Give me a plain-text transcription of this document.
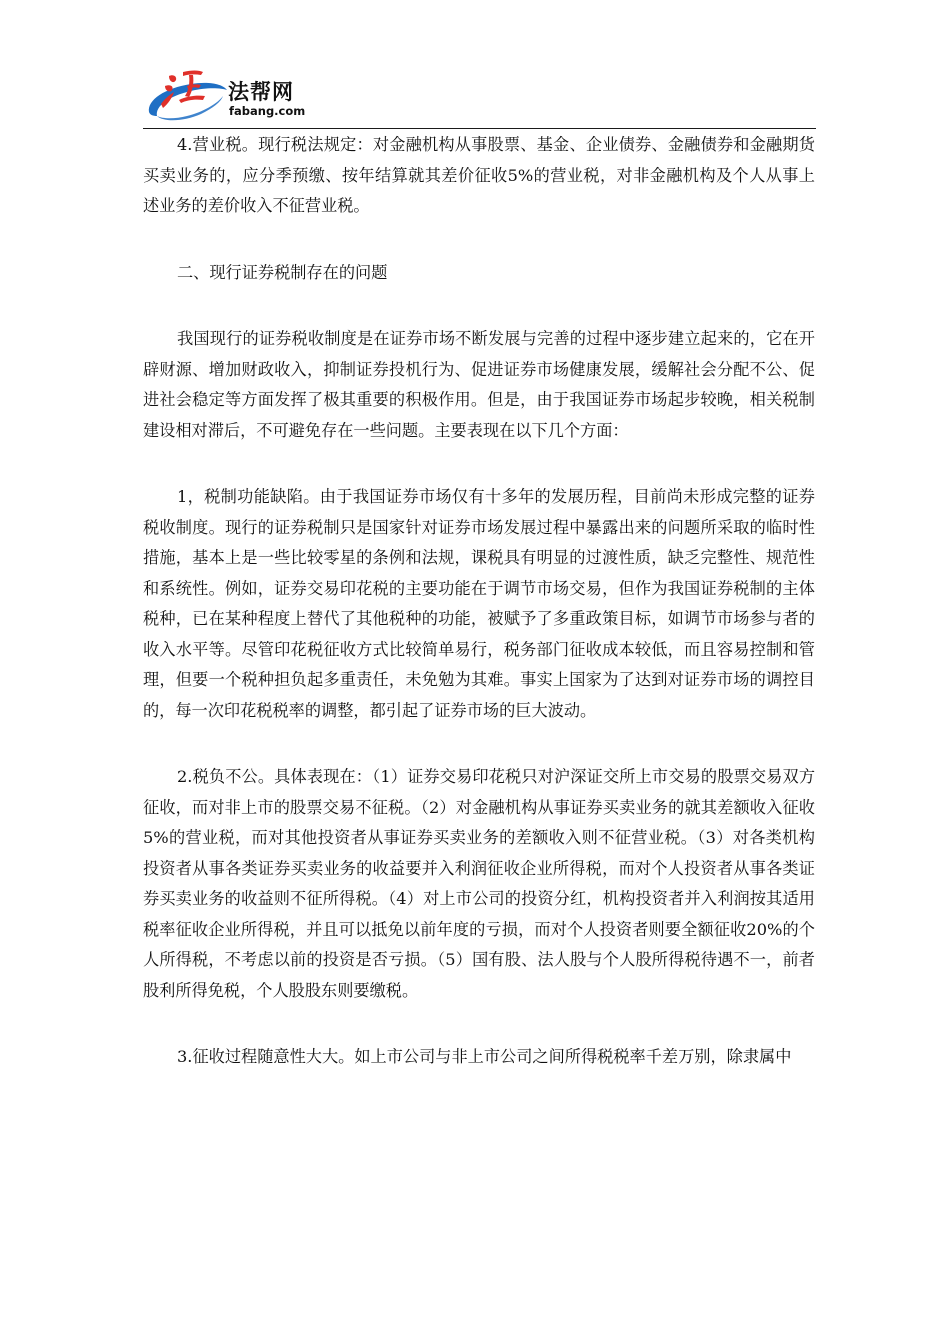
法帮网
fabang.com

4.营业税。现行税法规定：对金融机构从事股票、基金、企业债券、金融债券和金融期货买卖业务的，应分季预缴、按年结算就其差价征收5%的营业税，对非金融机构及个人从事上述业务的差价收入不征营业税。

二、现行证券税制存在的问题

我国现行的证券税收制度是在证券市场不断发展与完善的过程中逐步建立起来的，它在开辟财源、增加财政收入，抑制证券投机行为、促进证券市场健康发展，缓解社会分配不公、促进社会稳定等方面发挥了极其重要的积极作用。但是，由于我国证券市场起步较晚，相关税制建设相对滞后，不可避免存在一些问题。主要表现在以下几个方面：

1，税制功能缺陷。由于我国证券市场仅有十多年的发展历程，目前尚未形成完整的证券税收制度。现行的证券税制只是国家针对证券市场发展过程中暴露出来的问题所采取的临时性措施，基本上是一些比较零星的条例和法规，课税具有明显的过渡性质，缺乏完整性、规范性和系统性。例如，证券交易印花税的主要功能在于调节市场交易，但作为我国证券税制的主体税种，已在某种程度上替代了其他税种的功能，被赋予了多重政策目标，如调节市场参与者的收入水平等。尽管印花税征收方式比较简单易行，税务部门征收成本较低，而且容易控制和管理，但要一个税种担负起多重责任，未免勉为其难。事实上国家为了达到对证券市场的调控目的，每一次印花税税率的调整，都引起了证券市场的巨大波动。

2.税负不公。具体表现在：（1）证券交易印花税只对沪深证交所上市交易的股票交易双方征收，而对非上市的股票交易不征税。（2）对金融机构从事证券买卖业务的就其差额收入征收5%的营业税，而对其他投资者从事证券买卖业务的差额收入则不征营业税。（3）对各类机构投资者从事各类证券买卖业务的收益要并入利润征收企业所得税，而对个人投资者从事各类证券买卖业务的收益则不征所得税。（4）对上市公司的投资分红，机构投资者并入利润按其适用税率征收企业所得税，并且可以抵免以前年度的亏损，而对个人投资者则要全额征收20%的个人所得税，不考虑以前的投资是否亏损。（5）国有股、法人股与个人股所得税待遇不一，前者股利所得免税，个人股股东则要缴税。

3.征收过程随意性大大。如上市公司与非上市公司之间所得税税率千差万别，除隶属中
